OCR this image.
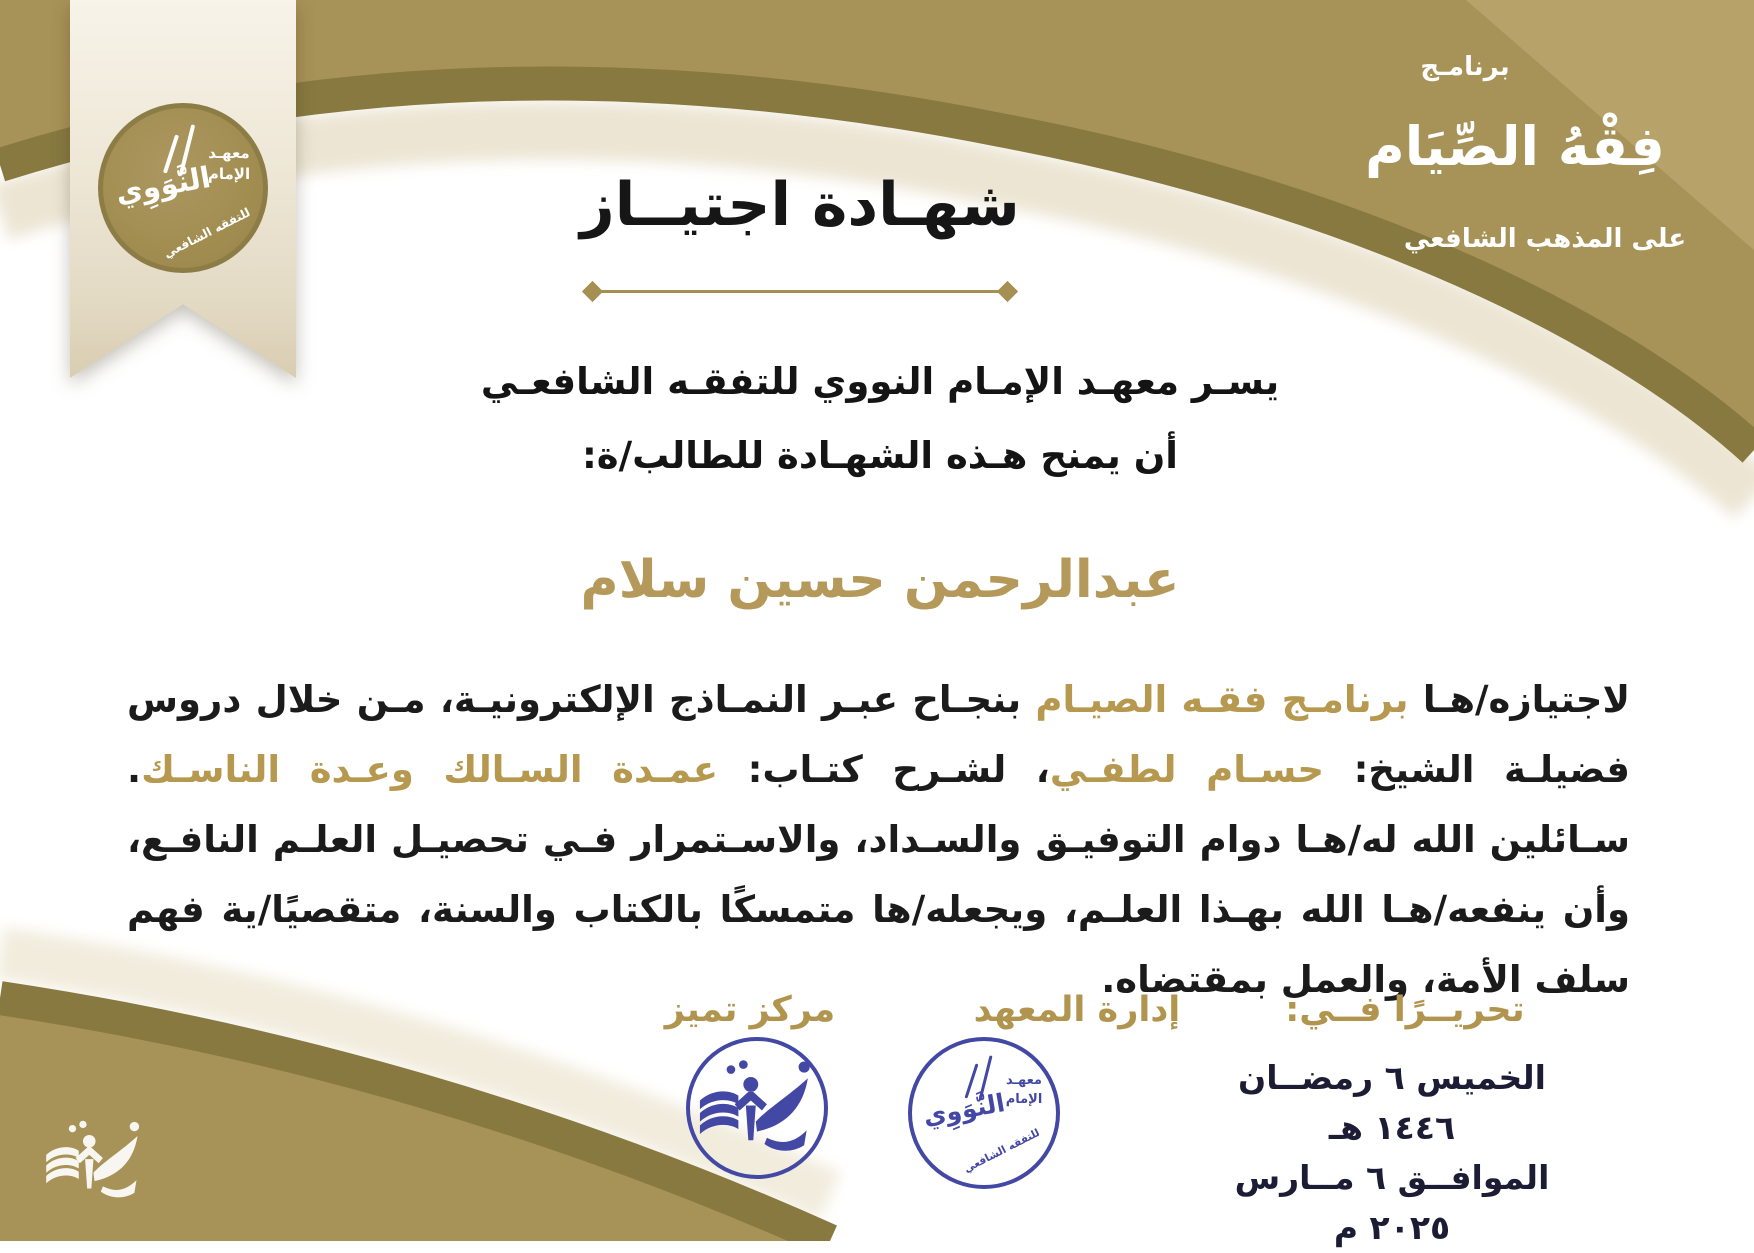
معهـد
الإمام
النَّوَوِي
للتفقه الشافعي
برنامـج
فِقْهُ الصِّيَام
على المذهب الشافعي
شهـادة اجتيــاز
يسـر معهـد الإمـام النووي للتفقـه الشافعـي
أن يمنح هـذه الشهـادة للطالب/ة:
عبدالرحمن حسين سلام

لاجتيازه/هـا برنامـج فقـه الصيـام بنجـاح عبـر النمـاذج الإلكترونيـة، مـن خلال دروس فضيلـة الشيخ: حسـام لطفـي، لشـرح كتـاب: عمـدة السـالك وعـدة الناسـك. سـائلين الله له/هـا دوام التوفيـق والسـداد، والاسـتمرار فـي تحصيـل العلـم النافـع، وأن ينفعه/هـا الله بهـذا العلـم، ويجعله/ها متمسكًا بالكتاب والسنة، متقصيًا/ية فهم سلف الأمة، والعمل بمقتضاه.

مركز تميز	إدارة المعهد	تحريــرًا فــي:
الخميس ٦ رمضــان ١٤٤٦ هـ
الموافــق ٦ مــارس ٢٠٢٥ م
معهـد
الإمام
النَّوَوِي
للتفقه الشافعي
